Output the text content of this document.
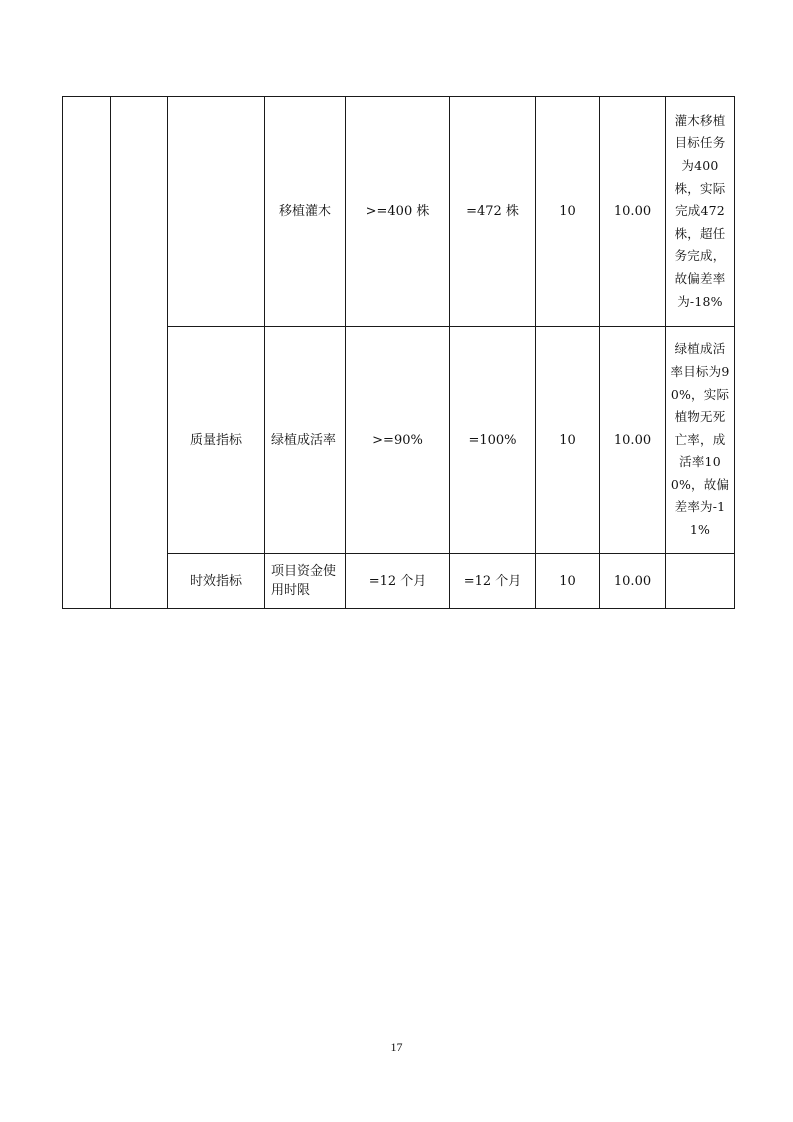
			移植灌木	>=400 株	=472 株	10	10.00	灌木移植目标任务为400株，实际完成472株，超任务完成，故偏差率为-18%
		质量指标	绿植成活率	>=90%	=100%	10	10.00	绿植成活率目标为90%，实际植物无死亡率，成活率100%，故偏差率为-11%
		时效指标	项目资金使用时限	=12 个月	=12 个月	10	10.00	
17
